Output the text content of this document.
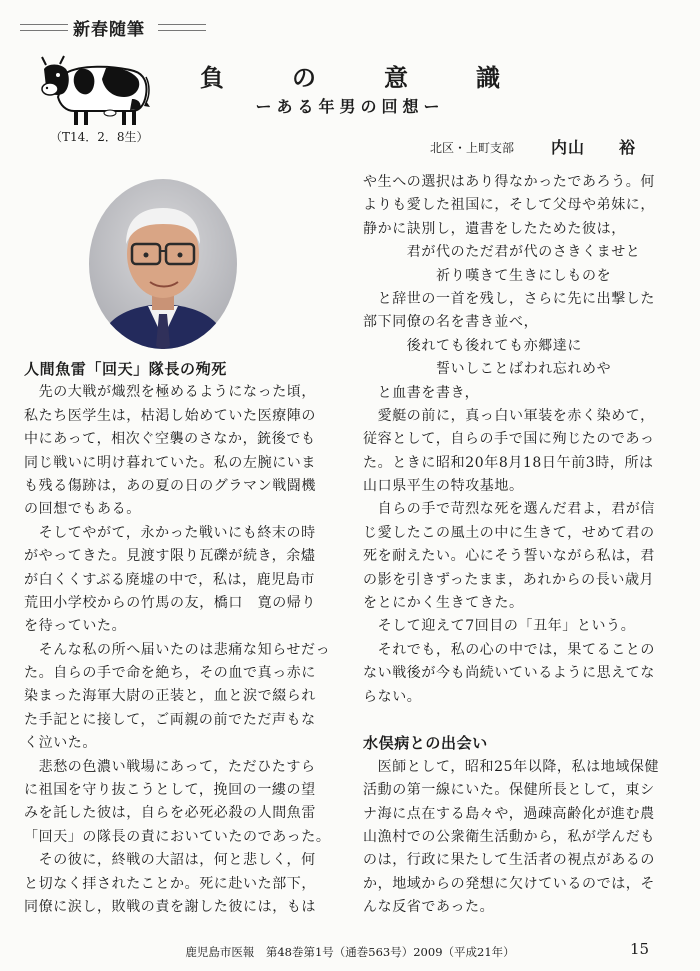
新春随筆
（T14．2．8生）
負　の　意　識
ーある年男の回想ー
北区・上町支部 内山　　裕
人間魚雷「回天」隊長の殉死
　先の大戦が熾烈を極めるようになった頃，
私たち医学生は，枯渇し始めていた医療陣の
中にあって，相次ぐ空襲のさなか，銃後でも
同じ戦いに明け暮れていた。私の左腕にいま
も残る傷跡は，あの夏の日のグラマン戦闘機
の回想でもある。
　そしてやがて，永かった戦いにも終末の時
がやってきた。見渡す限り瓦礫が続き，余燼
が白くくすぶる廃墟の中で，私は，鹿児島市
荒田小学校からの竹馬の友，橋口　寛の帰り
を待っていた。
　そんな私の所へ届いたのは悲痛な知らせだっ
た。自らの手で命を絶ち，その血で真っ赤に
染まった海軍大尉の正装と，血と涙で綴られ
た手記とに接して，ご両親の前でただ声もな
く泣いた。
　悲愁の色濃い戦場にあって，ただひたすら
に祖国を守り抜こうとして，挽回の一縷の望
みを託した彼は，自らを必死必殺の人間魚雷
「回天」の隊長の責においていたのであった。
　その彼に，終戦の大詔は，何と悲しく，何
と切なく拝されたことか。死に赴いた部下，
同僚に涙し，敗戦の責を謝した彼には，もは
や生への選択はあり得なかったであろう。何
よりも愛した祖国に，そして父母や弟妹に，
静かに訣別し，遺書をしたためた彼は，
　　　君が代のただ君が代のさきくませと
　　　　　祈り嘆きて生きにしものを
　と辞世の一首を残し，さらに先に出撃した
部下同僚の名を書き並べ，
　　　後れても後れても亦郷達に
　　　　　誓いしことばわれ忘れめや
　と血書を書き，
　愛艇の前に，真っ白い軍装を赤く染めて，
従容として，自らの手で国に殉じたのであっ
た。ときに昭和20年8月18日午前3時，所は
山口県平生の特攻基地。
　自らの手で苛烈な死を選んだ君よ，君が信
じ愛したこの風土の中に生きて，せめて君の
死を耐えたい。心にそう誓いながら私は，君
の影を引きずったまま，あれからの長い歳月
をとにかく生きてきた。
　そして迎えて7回目の「丑年」という。
　それでも，私の心の中では，果てることの
ない戦後が今も尚続いているように思えてな
らない。
水俣病との出会い
　医師として，昭和25年以降，私は地域保健
活動の第一線にいた。保健所長として，東シ
ナ海に点在する島々や，過疎高齢化が進む農
山漁村での公衆衛生活動から，私が学んだも
のは，行政に果たして生活者の視点があるの
か，地域からの発想に欠けているのでは，そ
んな反省であった。
鹿児島市医報　第48巻第1号（通巻563号）2009（平成21年）	15
